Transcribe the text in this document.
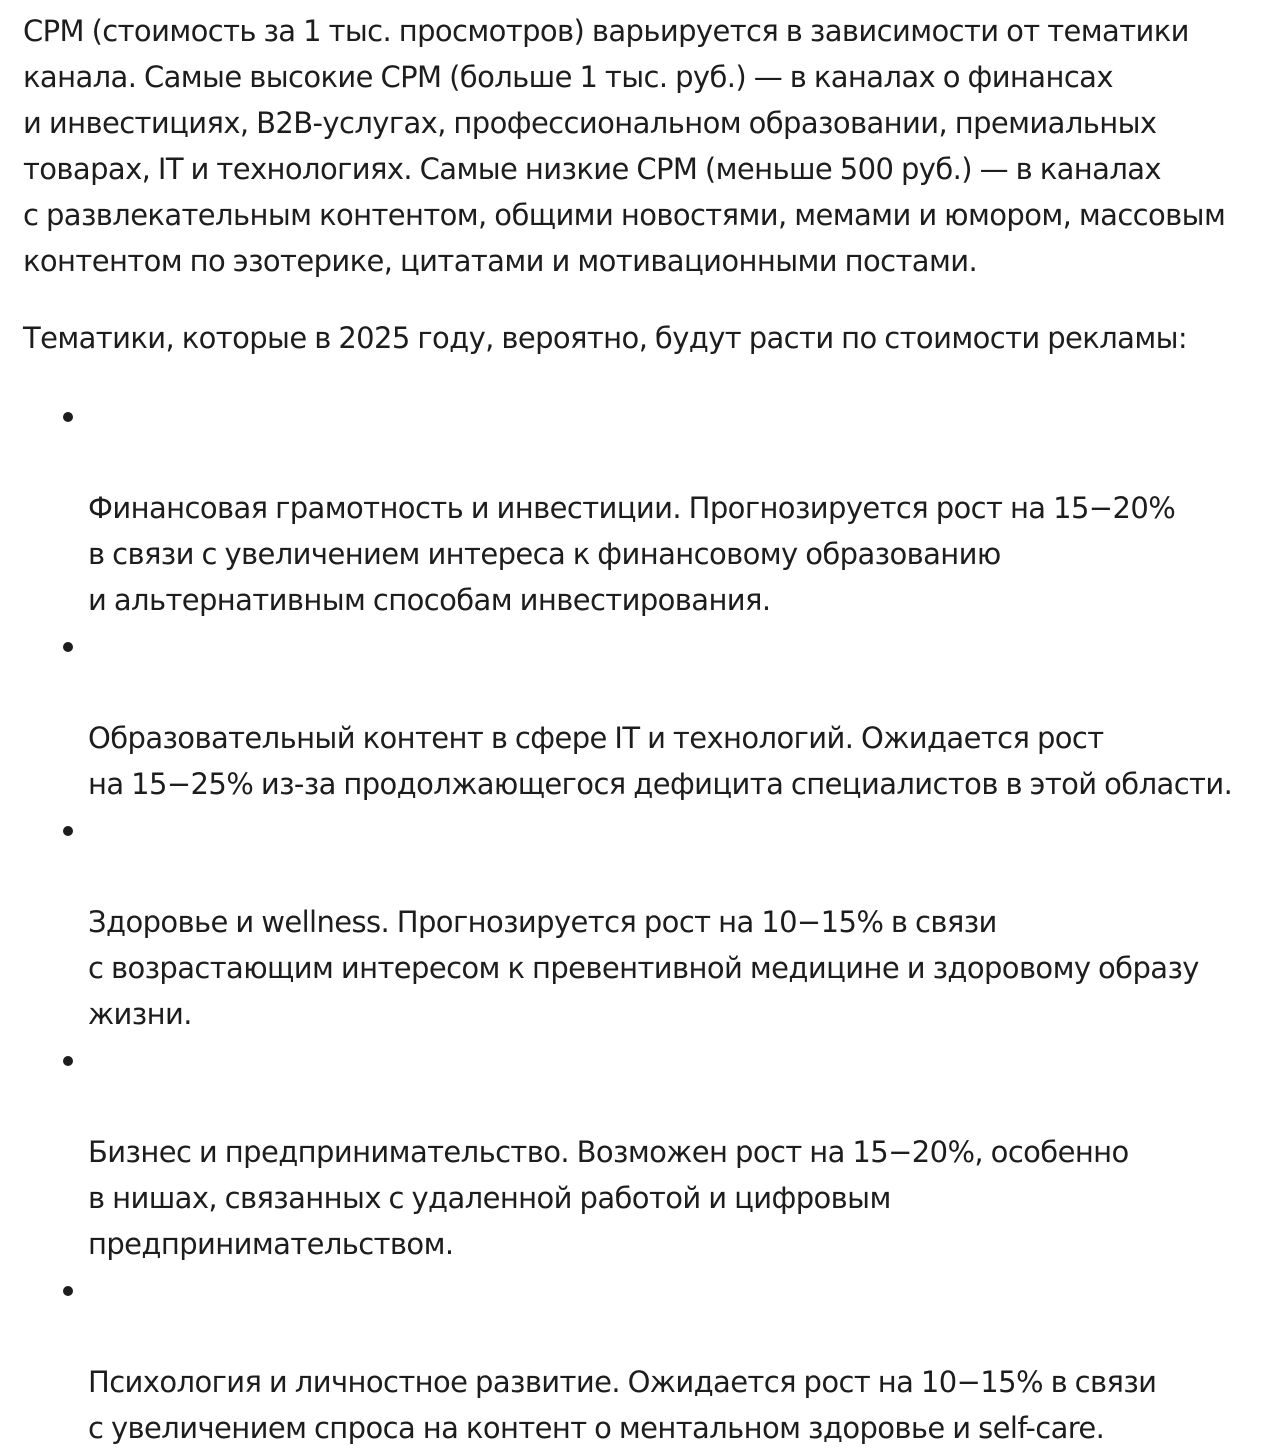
CPM (стоимость за 1 тыс. просмотров) варьируется в зависимости от тематики
канала. Самые высокие CPM (больше 1 тыс. руб.) — в каналах о финансах
и инвестициях, B2B-услугах, профессиональном образовании, премиальных
товарах, IT и технологиях. Самые низкие CPM (меньше 500 руб.) — в каналах
с развлекательным контентом, общими новостями, мемами и юмором, массовым
контентом по эзотерике, цитатами и мотивационными постами.

Тематики, которые в 2025 году, вероятно, будут расти по стоимости рекламы:

Финансовая грамотность и инвестиции. Прогнозируется рост на 15−20%
в связи с увеличением интереса к финансовому образованию
и альтернативным способам инвестирования.

Образовательный контент в сфере IT и технологий. Ожидается рост
на 15−25% из-за продолжающегося дефицита специалистов в этой области.

Здоровье и wellness. Прогнозируется рост на 10−15% в связи
с возрастающим интересом к превентивной медицине и здоровому образу
жизни.

Бизнес и предпринимательство. Возможен рост на 15−20%, особенно
в нишах, связанных с удаленной работой и цифровым
предпринимательством.

Психология и личностное развитие. Ожидается рост на 10−15% в связи
с увеличением спроса на контент о ментальном здоровье и self-care.
